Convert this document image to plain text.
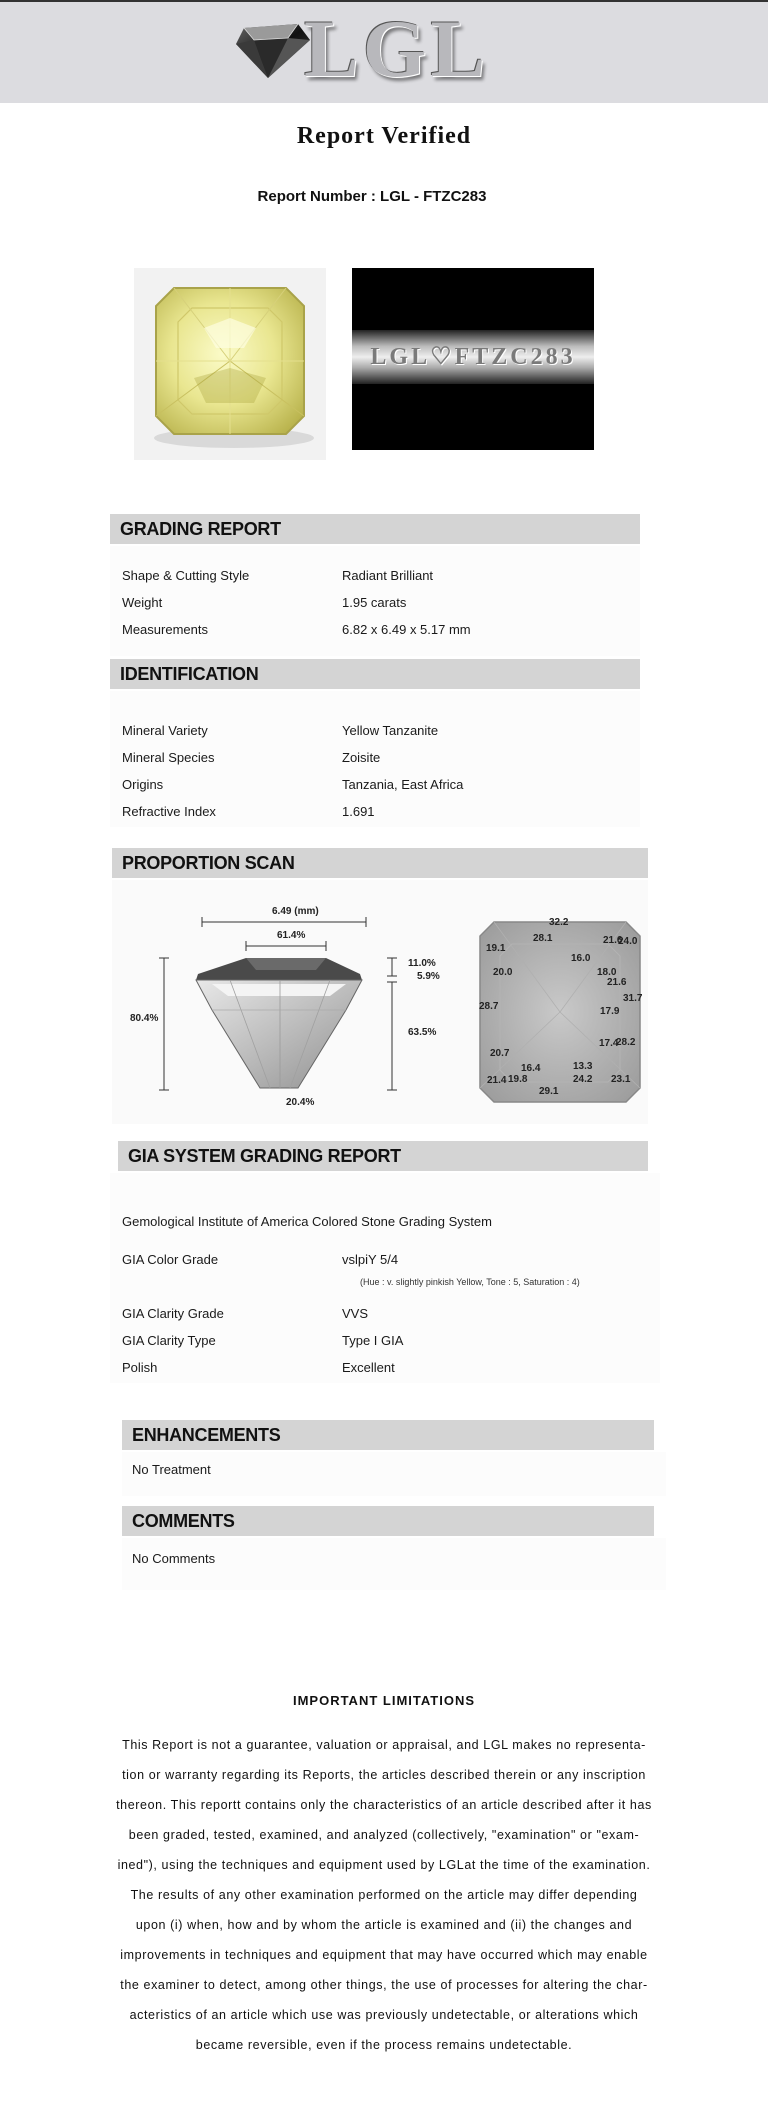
LGL
Report Verified
Report Number : LGL - FTZC283
LGL♡FTZC283
GRADING REPORT
Shape & Cutting Style	Radiant Brilliant
Weight	1.95 carats
Measurements	6.82 x 6.49 x 5.17 mm
IDENTIFICATION
Mineral Variety	Yellow Tanzanite
Mineral Species	Zoisite
Origins	Tanzania, East Africa
Refractive Index	1.691
PROPORTION SCAN
6.49 (mm)
61.4%
11.0%
5.9%
63.5%
80.4%
20.4%
32.2
28.1	21.6
24.0
19.1
16.0
20.0	18.0
21.6
31.7
28.7	17.9
17.4
28.2
20.7
13.3
16.4
21.4 19.8	24.2 23.1
29.1
GIA SYSTEM GRADING REPORT
Gemological Institute of America Colored Stone Grading System
GIA Color Grade	vslpiY 5/4
(Hue : v. slightly pinkish Yellow, Tone : 5, Saturation : 4)
GIA Clarity Grade	VVS
GIA Clarity Type	Type I GIA
Polish	Excellent
ENHANCEMENTS
No Treatment
COMMENTS
No Comments
IMPORTANT LIMITATIONS
This Report is not a guarantee, valuation or appraisal, and LGL makes no representa-
tion or warranty regarding its Reports, the articles described therein or any inscription
thereon. This reportt contains only the characteristics of an article described after it has
been graded, tested, examined, and analyzed (collectively, "examination" or "exam-
ined"), using the techniques and equipment used by LGLat the time of the examination.
The results of any other examination performed on the article may differ depending
upon (i) when, how and by whom the article is examined and (ii) the changes and
improvements in techniques and equipment that may have occurred which may enable
the examiner to detect, among other things, the use of processes for altering the char-
acteristics of an article which use was previously undetectable, or alterations which
became reversible, even if the process remains undetectable.
